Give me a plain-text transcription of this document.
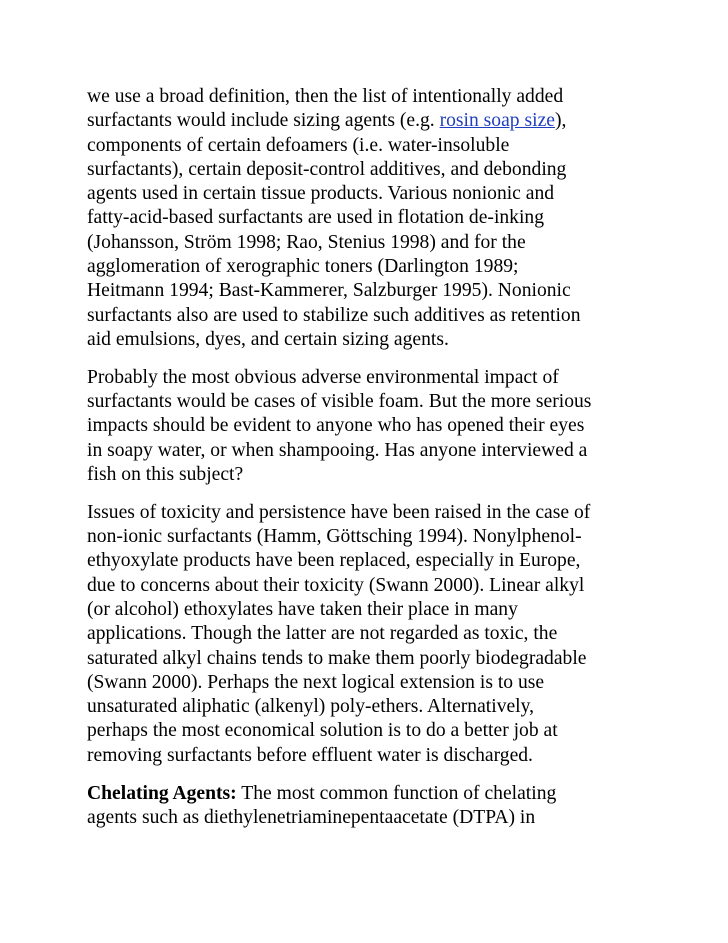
we use a broad definition, then the list of intentionally added
surfactants would include sizing agents (e.g. rosin soap size),
components of certain defoamers (i.e. water-insoluble
surfactants), certain deposit-control additives, and debonding
agents used in certain tissue products. Various nonionic and
fatty-acid-based surfactants are used in flotation de-inking
(Johansson, Ström 1998; Rao, Stenius 1998) and for the
agglomeration of xerographic toners (Darlington 1989;
Heitmann 1994; Bast-Kammerer, Salzburger 1995). Nonionic
surfactants also are used to stabilize such additives as retention
aid emulsions, dyes, and certain sizing agents.

Probably the most obvious adverse environmental impact of
surfactants would be cases of visible foam. But the more serious
impacts should be evident to anyone who has opened their eyes
in soapy water, or when shampooing. Has anyone interviewed a
fish on this subject?

Issues of toxicity and persistence have been raised in the case of
non-ionic surfactants (Hamm, Göttsching 1994). Nonylphenol-
ethyoxylate products have been replaced, especially in Europe,
due to concerns about their toxicity (Swann 2000). Linear alkyl
(or alcohol) ethoxylates have taken their place in many
applications. Though the latter are not regarded as toxic, the
saturated alkyl chains tends to make them poorly biodegradable
(Swann 2000). Perhaps the next logical extension is to use
unsaturated aliphatic (alkenyl) poly-ethers. Alternatively,
perhaps the most economical solution is to do a better job at
removing surfactants before effluent water is discharged.

Chelating Agents: The most common function of chelating
agents such as diethylenetriaminepentaacetate (DTPA) in
